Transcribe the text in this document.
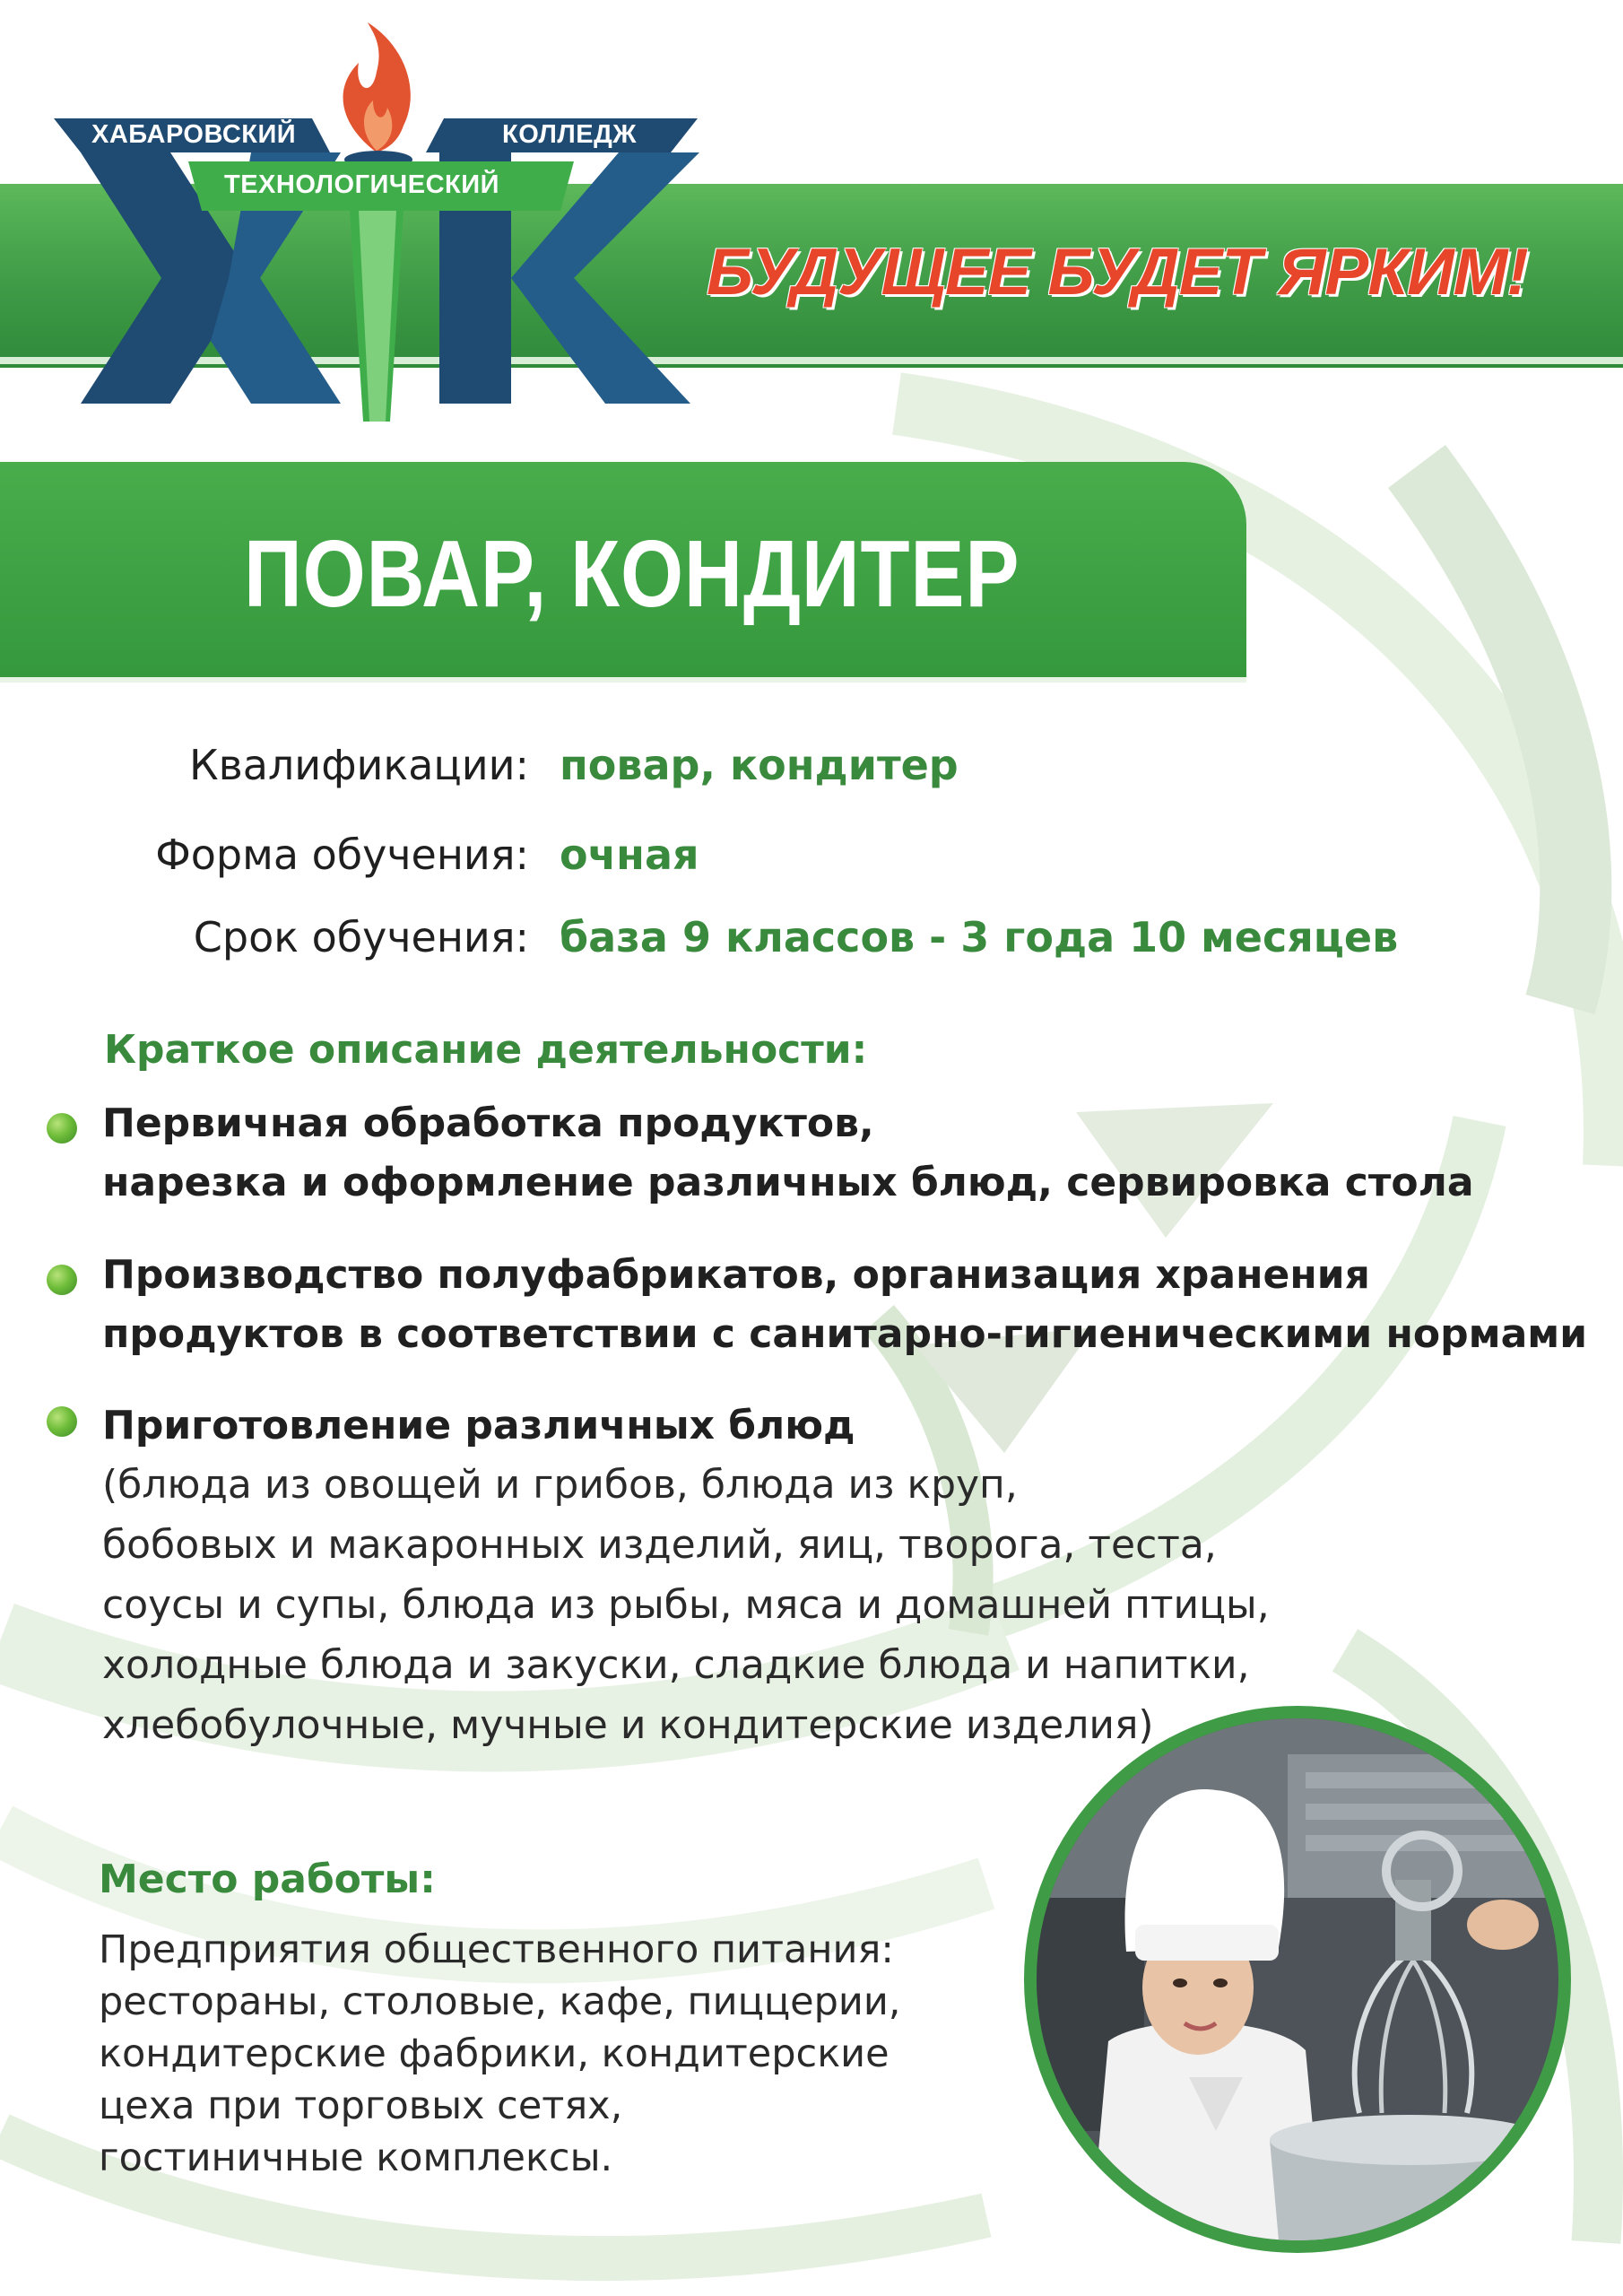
ХАБАРОВСКИЙ	КОЛЛЕДЖ
ТЕХНОЛОГИЧЕСКИЙ
БУДУЩЕЕ БУДЕТ ЯРКИМ!
ПОВАР, КОНДИТЕР
Квалификации: повар, кондитер
Форма обучения: очная
Срок обучения: база 9 классов - 3 года 10 месяцев
Краткое описание деятельности:
Первичная обработка продуктов,
нарезка и оформление различных блюд, сервировка стола
Производство полуфабрикатов, организация хранения
продуктов в соответствии с санитарно-гигиеническими нормами
Приготовление различных блюд
(блюда из овощей и грибов, блюда из круп,
бобовых и макаронных изделий, яиц, творога, теста,
соусы и супы, блюда из рыбы, мяса и домашней птицы,
холодные блюда и закуски, сладкие блюда и напитки,
хлебобулочные, мучные и кондитерские изделия)
Место работы:
Предприятия общественного питания:
рестораны, столовые, кафе, пиццерии,
кондитерские фабрики, кондитерские
цеха при торговых сетях,
гостиничные комплексы.
